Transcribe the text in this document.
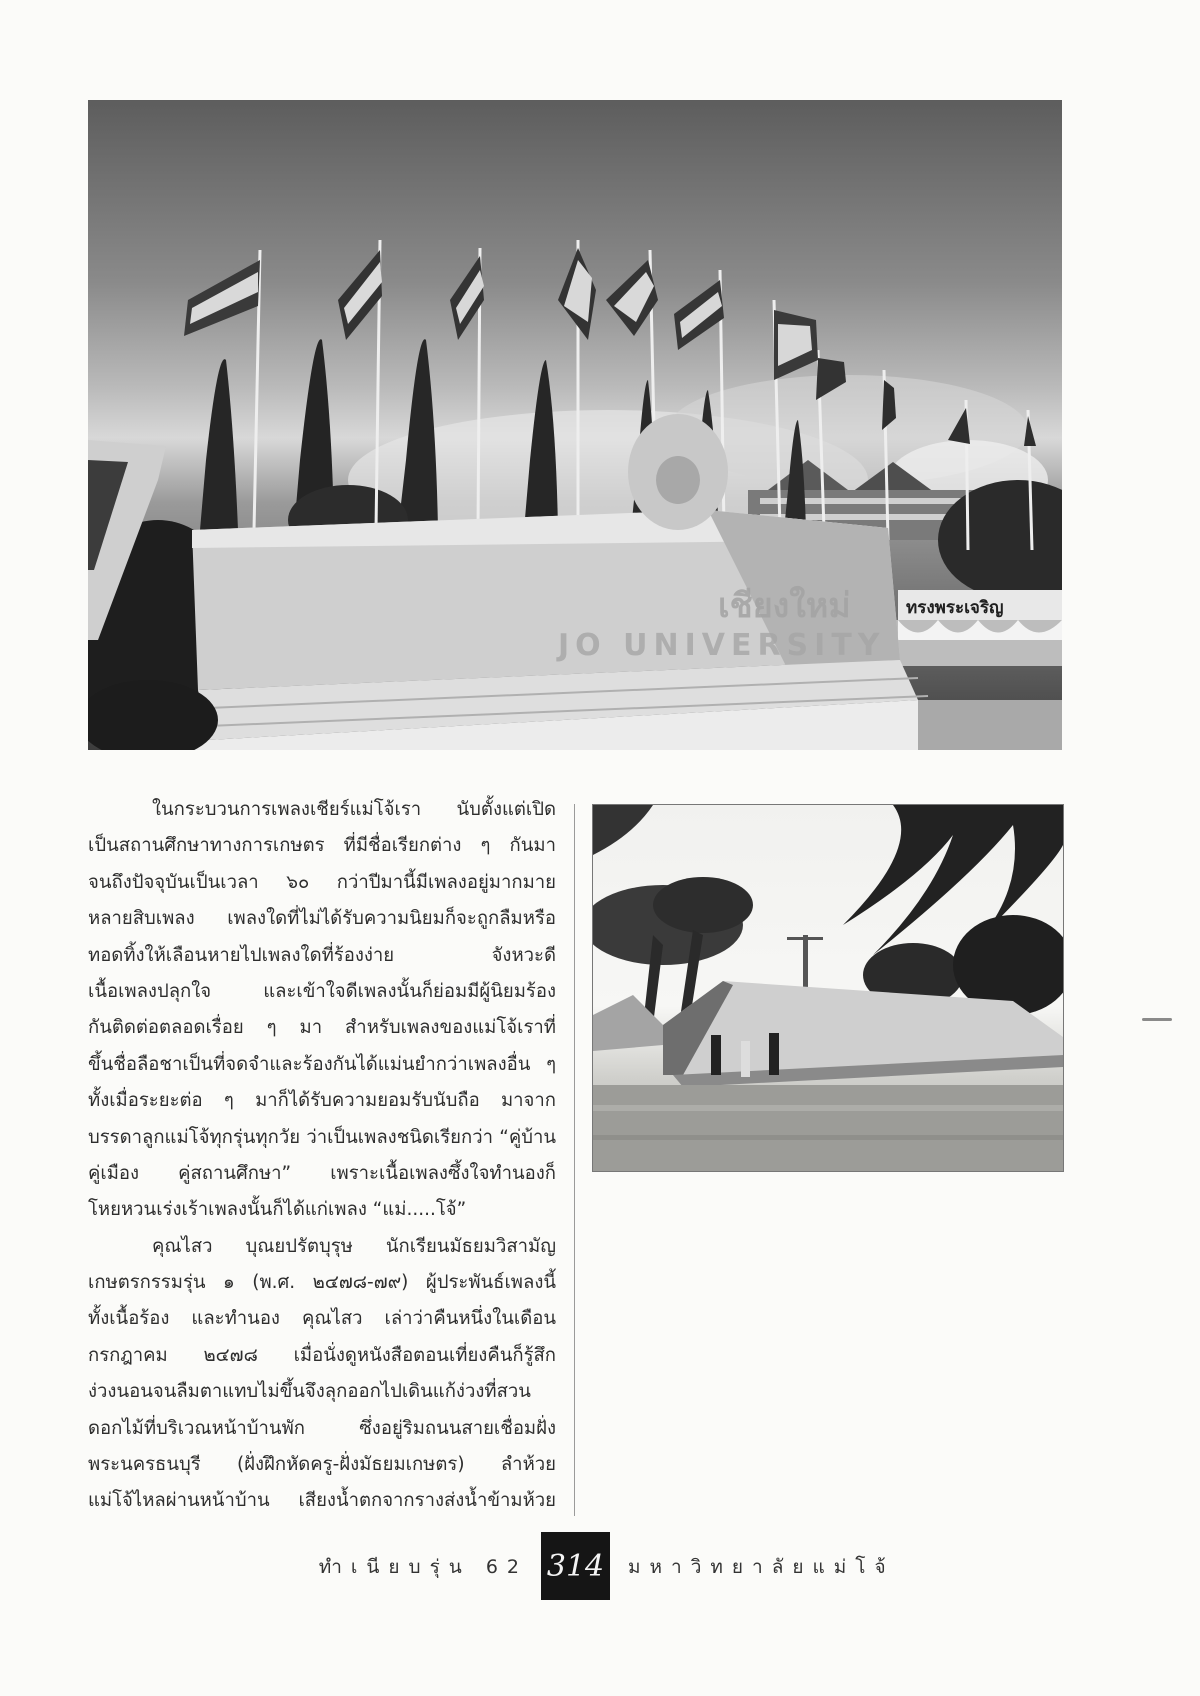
เชียงใหม่
JO UNIVERSITY
ทรงพระเจริญ
ในกระบวนการเพลงเชียร์แม่โจ้เรา นับตั้งแต่เปิด
เป็นสถานศึกษาทางการเกษตร ที่มีชื่อเรียกต่าง ๆ กันมา
จนถึงปัจจุบันเป็นเวลา ๖๐ กว่าปีมานี้มีเพลงอยู่มากมาย
หลายสิบเพลง เพลงใดที่ไม่ได้รับความนิยมก็จะถูกลืมหรือ
ทอดทิ้งให้เลือนหายไปเพลงใดที่ร้องง่าย จังหวะดี
เนื้อเพลงปลุกใจ และเข้าใจดีเพลงนั้นก็ย่อมมีผู้นิยมร้อง
กันติดต่อตลอดเรื่อย ๆ มา สำหรับเพลงของแม่โจ้เราที่
ขึ้นชื่อลือชาเป็นที่จดจำและร้องกันได้แม่นยำกว่าเพลงอื่น ๆ
ทั้งเมื่อระยะต่อ ๆ มาก็ได้รับความยอมรับนับถือ มาจาก
บรรดาลูกแม่โจ้ทุกรุ่นทุกวัย ว่าเป็นเพลงชนิดเรียกว่า “คู่บ้าน
คู่เมือง คู่สถานศึกษา” เพราะเนื้อเพลงซึ้งใจทำนองก็
โหยหวนเร่งเร้าเพลงนั้นก็ได้แก่เพลง “แม่.....โจ้”
คุณไสว บุณยปรัตบุรุษ นักเรียนมัธยมวิสามัญ
เกษตรกรรมรุ่น ๑ (พ.ศ. ๒๔๗๘-๗๙) ผู้ประพันธ์เพลงนี้
ทั้งเนื้อร้อง และทำนอง คุณไสว เล่าว่าคืนหนึ่งในเดือน
กรกฎาคม ๒๔๗๘ เมื่อนั่งดูหนังสือตอนเที่ยงคืนก็รู้สึก
ง่วงนอนจนลืมตาแทบไม่ขึ้นจึงลุกออกไปเดินแก้ง่วงที่สวน
ดอกไม้ที่บริเวณหน้าบ้านพัก ซึ่งอยู่ริมถนนสายเชื่อมฝั่ง
พระนครธนบุรี (ฝั่งฝึกหัดครู-ฝั่งมัธยมเกษตร) ลำห้วย
แม่โจ้ไหลผ่านหน้าบ้าน เสียงน้ำตกจากรางส่งน้ำข้ามห้วย
ทำเนียบรุ่น 62 314 มหาวิทยาลัยแม่โจ้
